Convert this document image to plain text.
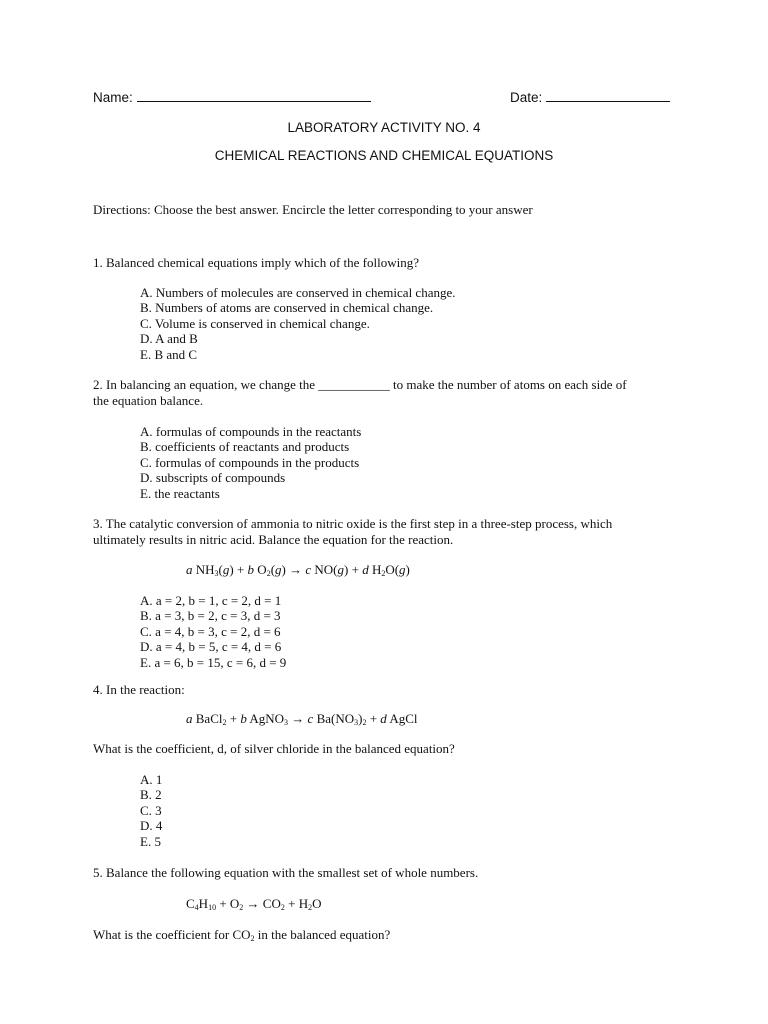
Name:	Date:
LABORATORY ACTIVITY NO. 4
CHEMICAL REACTIONS AND CHEMICAL EQUATIONS
Directions: Choose the best answer. Encircle the letter corresponding to your answer
1. Balanced chemical equations imply which of the following?
A. Numbers of molecules are conserved in chemical change.
B. Numbers of atoms are conserved in chemical change.
C. Volume is conserved in chemical change.
D. A and B
E. B and C
2. In balancing an equation, we change the ___________ to make the number of atoms on each side of
the equation balance.
A. formulas of compounds in the reactants
B. coefficients of reactants and products
C. formulas of compounds in the products
D. subscripts of compounds
E. the reactants
3. The catalytic conversion of ammonia to nitric oxide is the first step in a three-step process, which
ultimately results in nitric acid. Balance the equation for the reaction.
a $NH_3(g) + b$ $O_2(g) \to c$ NO(g) + d $H_2O(g)$
A. a = 2, b = 1, c = 2, d = 1
B. a = 3, b = 2, c = 3, d = 3
C. a = 4, b = 3, c = 2, d = 6
D. a = 4, b = 5, c = 4, d = 6
E. a = 6, b = 15, c = 6, d = 9
4. In the reaction:
a BaCl$_2$ + b AgNO$_3$ → c $Ba(NO_3)_2 + d$ AgCl
What is the coefficient, d, of silver chloride in the balanced equation?
A. 1
B. 2
C. 3
D. 4
E. 5
5. Balance the following equation with the smallest set of whole numbers.
$C_4H_{10} + O_2 \to CO_2 + H_2O$
What is the coefficient for $CO_2$ in the balanced equation?
